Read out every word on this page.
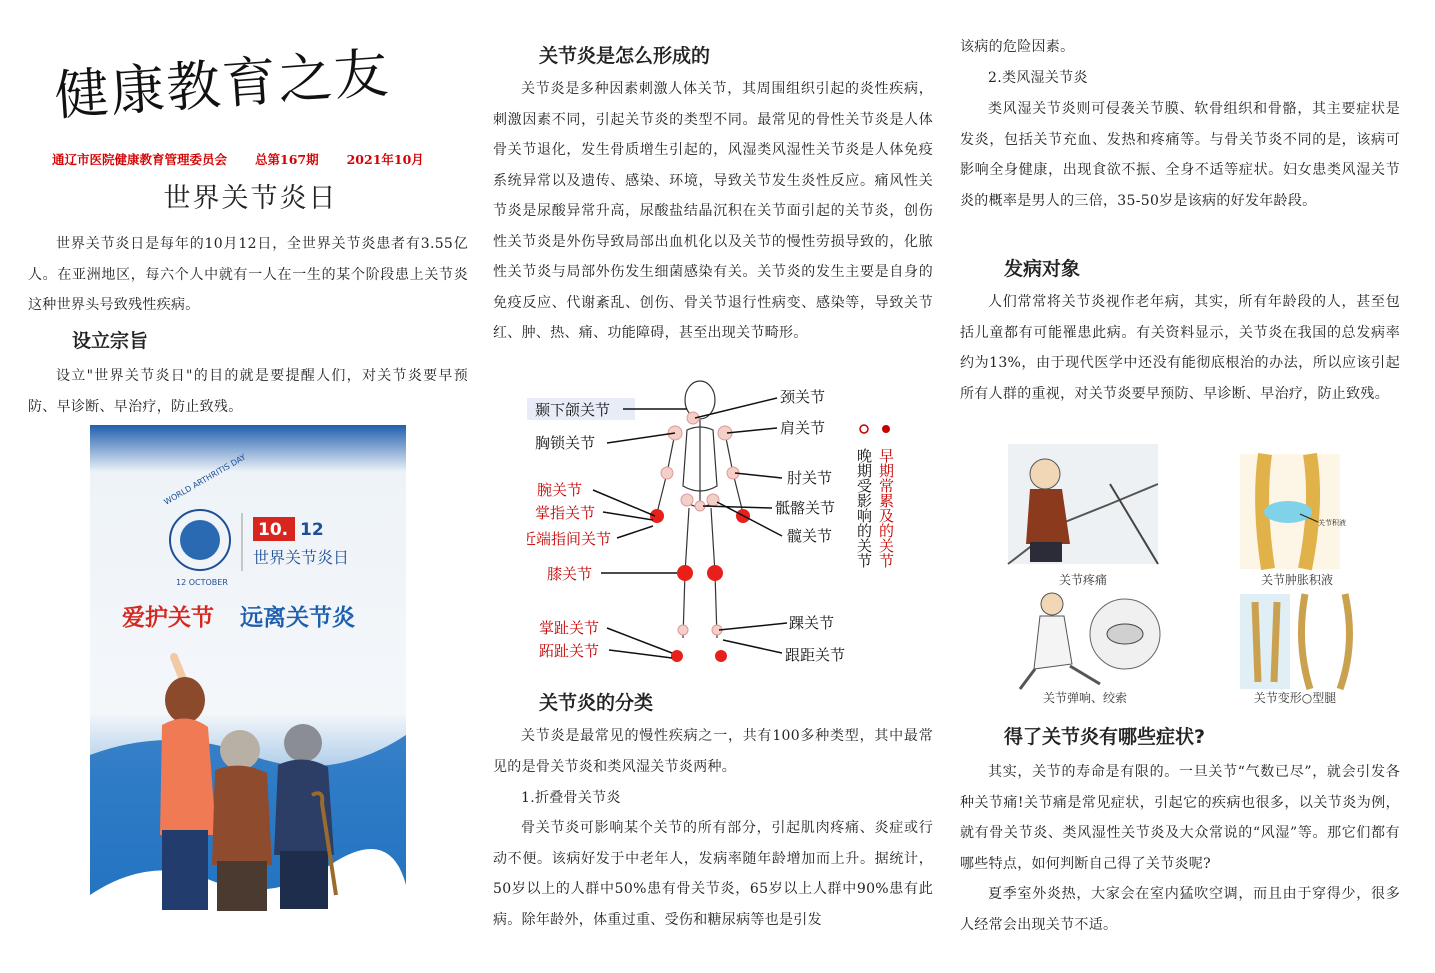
健康教育之友
通辽市医院健康教育管理委员会 总第167期 2021年10月
世界关节炎日

世界关节炎日是每年的10月12日，全世界关节炎患者有3.55亿人。在亚洲地区，每六个人中就有一人在一生的某个阶段患上关节炎这种世界头号致残性疾病。

设立宗旨

设立"世界关节炎日"的目的就是要提醒人们，对关节炎要早预防、早诊断、早治疗，防止致残。

WORLD ARTHRITIS DAY
12 OCTOBER
10. 12
世界关节炎日
爱护关节 远离关节炎
关节炎是怎么形成的

关节炎是多种因素刺激人体关节，其周围组织引起的炎性疾病，刺激因素不同，引起关节炎的类型不同。最常见的骨性关节炎是人体骨关节退化，发生骨质增生引起的，风湿类风湿性关节炎是人体免疫系统异常以及遗传、感染、环境，导致关节发生炎性反应。痛风性关节炎是尿酸异常升高，尿酸盐结晶沉积在关节面引起的关节炎，创伤性关节炎是外伤导致局部出血机化以及关节的慢性劳损导致的，化脓性关节炎与局部外伤发生细菌感染有关。关节炎的发生主要是自身的免疫反应、代谢紊乱、创伤、骨关节退行性病变、感染等，导致关节红、肿、热、痛、功能障碍，甚至出现关节畸形。

关节炎的分类

关节炎是最常见的慢性疾病之一，共有100多种类型，其中最常见的是骨关节炎和类风湿关节炎两种。

1.折叠骨关节炎

骨关节炎可影响某个关节的所有部分，引起肌肉疼痛、炎症或行动不便。该病好发于中老年人，发病率随年龄增加而上升。据统计，50岁以上的人群中50%患有骨关节炎，65岁以上人群中90%患有此病。除年龄外，体重过重、受伤和糖尿病等也是引发

颞下颌关节
胸锁关节
腕关节
掌指关节
近端指间关节
膝关节
掌趾关节
跖趾关节
颈关节
肩关节
肘关节
骶髂关节
髋关节
踝关节
跟距关节
早期常累及的关节
晚期受影响的关节

该病的危险因素。

2.类风湿关节炎

类风湿关节炎则可侵袭关节膜、软骨组织和骨骼，其主要症状是发炎，包括关节充血、发热和疼痛等。与骨关节炎不同的是，该病可影响全身健康，出现食欲不振、全身不适等症状。妇女患类风湿关节炎的概率是男人的三倍，35-50岁是该病的好发年龄段。

发病对象

人们常常将关节炎视作老年病，其实，所有年龄段的人，甚至包括儿童都有可能罹患此病。有关资料显示，关节炎在我国的总发病率约为13%，由于现代医学中还没有能彻底根治的办法，所以应该引起所有人群的重视，对关节炎要早预防、早诊断、早治疗，防止致残。

得了关节炎有哪些症状?

其实，关节的寿命是有限的。一旦关节“气数已尽”，就会引发各种关节痛!关节痛是常见症状，引起它的疾病也很多，以关节炎为例，就有骨关节炎、类风湿性关节炎及大众常说的“风湿”等。那它们都有哪些特点，如何判断自己得了关节炎呢?

夏季室外炎热，大家会在室内猛吹空调，而且由于穿得少，很多人经常会出现关节不适。

关节疼痛
关节积液
关节肿胀积液
关节弹响、绞索	关节变形○型腿
